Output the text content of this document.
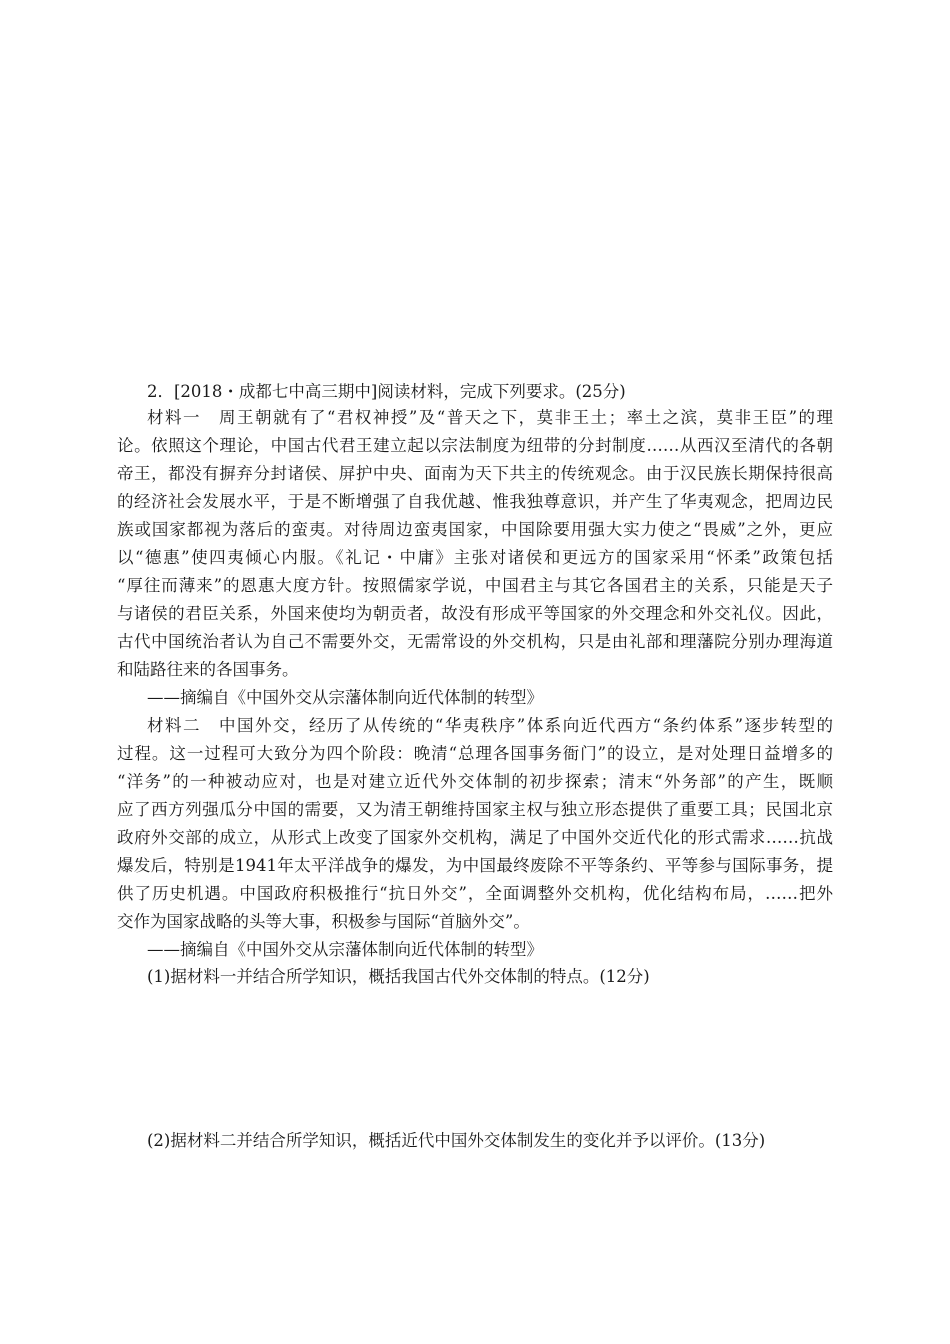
2．[2018・成都七中高三期中]阅读材料，完成下列要求。(25分)
材料一　周王朝就有了“君权神授”及“普天之下，莫非王土；率土之滨，莫非王臣”的理
论。依照这个理论，中国古代君王建立起以宗法制度为纽带的分封制度……从西汉至清代的各朝
帝王，都没有摒弃分封诸侯、屏护中央、面南为天下共主的传统观念。由于汉民族长期保持很高
的经济社会发展水平，于是不断增强了自我优越、惟我独尊意识，并产生了华夷观念，把周边民
族或国家都视为落后的蛮夷。对待周边蛮夷国家，中国除要用强大实力使之“畏威”之外，更应
以“德惠”使四夷倾心内服。《礼记・中庸》主张对诸侯和更远方的国家采用“怀柔”政策包括
“厚往而薄来”的恩惠大度方针。按照儒家学说，中国君主与其它各国君主的关系，只能是天子
与诸侯的君臣关系，外国来使均为朝贡者，故没有形成平等国家的外交理念和外交礼仪。因此，
古代中国统治者认为自己不需要外交，无需常设的外交机构，只是由礼部和理藩院分别办理海道
和陆路往来的各国事务。
——摘编自《中国外交从宗藩体制向近代体制的转型》
材料二　中国外交，经历了从传统的“华夷秩序”体系向近代西方“条约体系”逐步转型的
过程。这一过程可大致分为四个阶段：晚清“总理各国事务衙门”的设立，是对处理日益增多的
“洋务”的一种被动应对，也是对建立近代外交体制的初步探索；清末“外务部”的产生，既顺
应了西方列强瓜分中国的需要，又为清王朝维持国家主权与独立形态提供了重要工具；民国北京
政府外交部的成立，从形式上改变了国家外交机构，满足了中国外交近代化的形式需求……抗战
爆发后，特别是1941年太平洋战争的爆发，为中国最终废除不平等条约、平等参与国际事务，提
供了历史机遇。中国政府积极推行“抗日外交”，全面调整外交机构，优化结构布局，……把外
交作为国家战略的头等大事，积极参与国际“首脑外交”。
——摘编自《中国外交从宗藩体制向近代体制的转型》
(1)据材料一并结合所学知识，概括我国古代外交体制的特点。(12分)
(2)据材料二并结合所学知识，概括近代中国外交体制发生的变化并予以评价。(13分)
